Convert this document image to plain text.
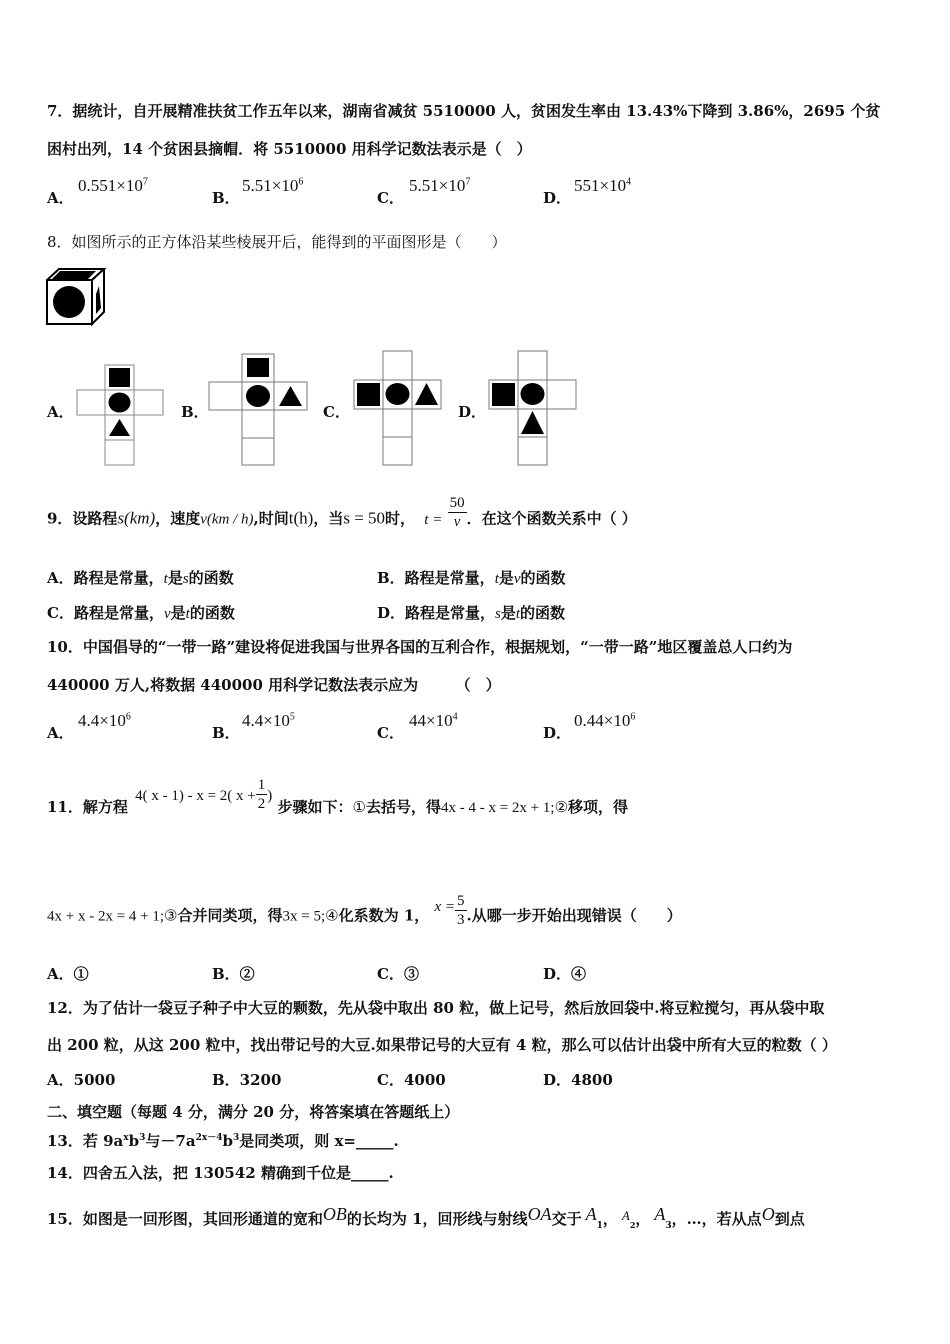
7．据统计，自开展精准扶贫工作五年以来，湖南省减贫 5510000 人，贫困发生率由 13.43%下降到 3.86%，2695 个贫
困村出列，14 个贫困县摘帽．将 5510000 用科学记数法表示是（　）
A．
$0.551\times 10^7$
B．
$5.51\times 10^6$
C．
$5.51\times 10^7$
D．
$551\times 10^4$
8．如图所示的正方体沿某些棱展开后，能得到的平面图形是（　　）
A．	B．	C．	D．
9．设路程s(km)，速度v(km / h),时间t(h)，当s = 50时， $t = \frac{50}{v}$ ．在这个函数关系中（ ）
A．路程是常量，t是s的函数	B．路程是常量，t是v的函数
C．路程是常量，v是t的函数	D．路程是常量，s是t的函数
10．中国倡导的“一带一路”建设将促进我国与世界各国的互利合作，根据规划，“一带一路”地区覆盖总人口约为
440000 万人,将数据 440000 用科学记数法表示应为　　　（　）
A．
$4.4\times 10^6$
B．
$4.4\times 10^5$
C．
$44\times 10^4$
D．
$0.44\times 10^6$
11．解方程 4( x - 1) - x = 2( $x + \frac{1}{2}$ ) 步骤如下：①去括号，得4x - 4 - x = 2x + 1;②移项，得
4x + x - 2x = 4 + 1;③合并同类项，得3x = 5;④化系数为 1， $x = \frac{5}{3}$ .从哪一步开始出现错误（　　）
A．①	B．②	C．③	D．④
12．为了估计一袋豆子种子中大豆的颗数，先从袋中取出 80 粒，做上记号，然后放回袋中.将豆粒搅匀，再从袋中取
出 200 粒，从这 200 粒中，找出带记号的大豆.如果带记号的大豆有 4 粒，那么可以估计出袋中所有大豆的粒数（ ）
A．5000	B．3200	C．4000	D．4800
二、填空题（每题 4 分，满分 20 分，将答案填在答题纸上）
13．若 $9a^xb^3$与$-7a^{2x-4}b^3$是同类项，则 x=_____.
14．四舍五入法，把 130542 精确到千位是_____.
15．如图是一回形图，其回形通道的宽和OB的长均为 1，回形线与射线OA交于 $A_1$， $A_2$， $A_3$，…，若从点O到点
